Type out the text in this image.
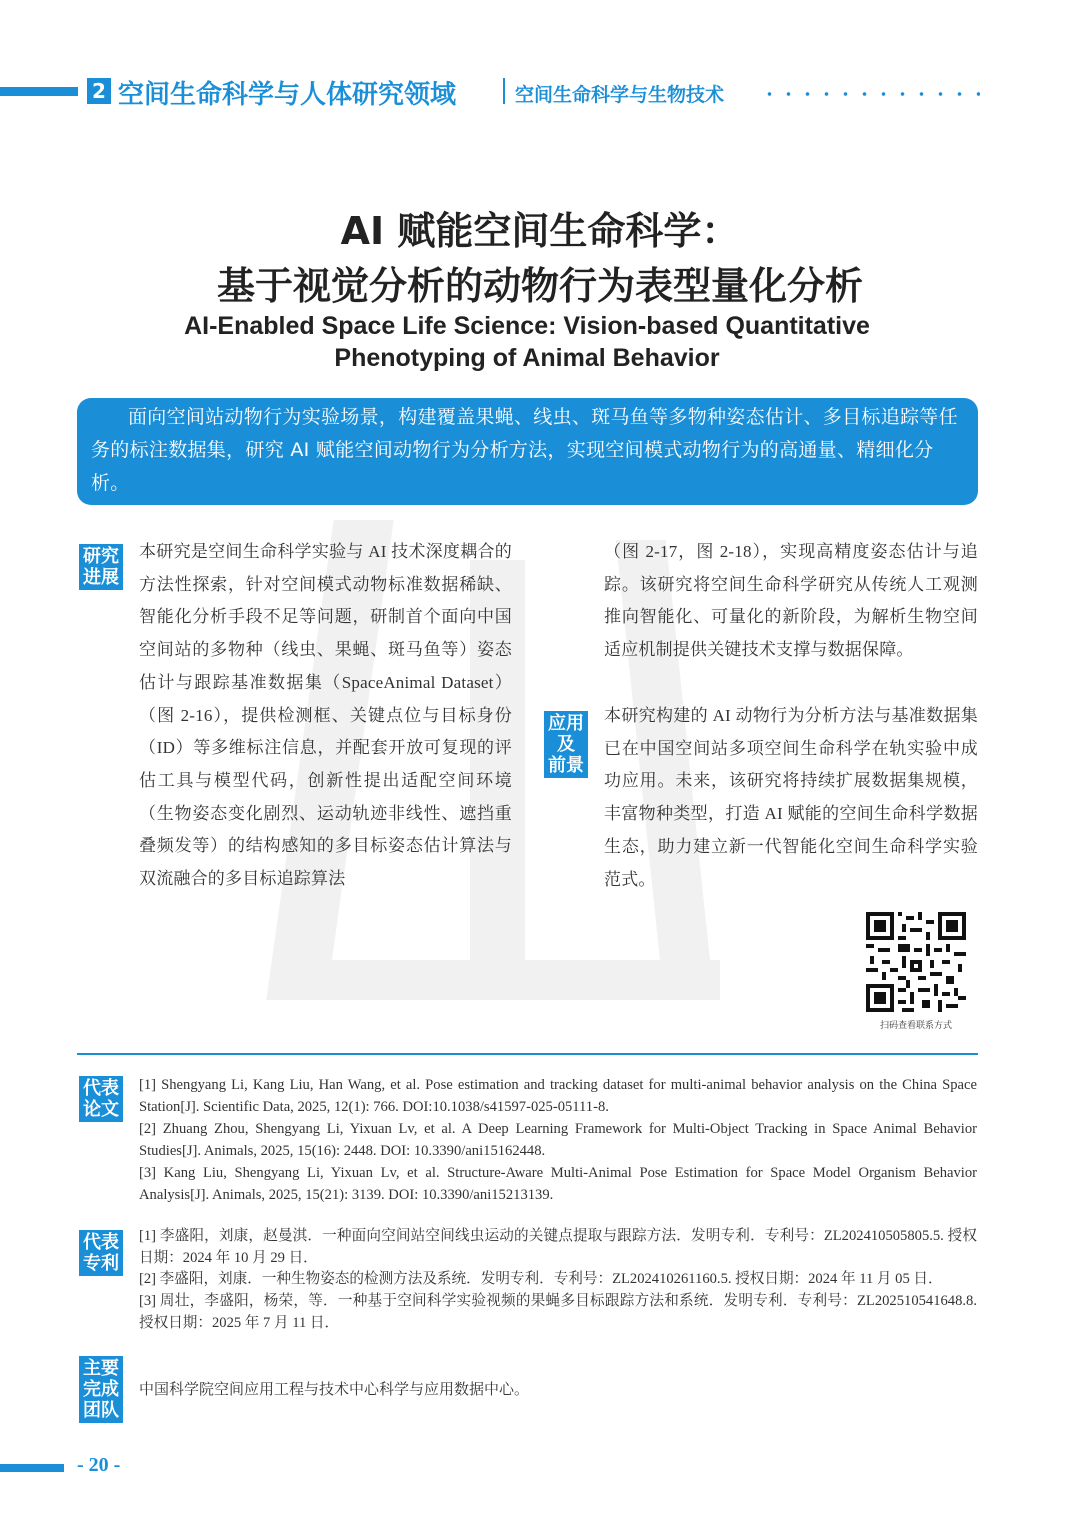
2 空间生命科学与人体研究领域	空间生命科学与生物技术
AI 赋能空间生命科学：
基于视觉分析的动物行为表型量化分析
AI-Enabled Space Life Science: Vision-based Quantitative
Phenotyping of Animal Behavior

面向空间站动物行为实验场景，构建覆盖果蝇、线虫、斑马鱼等多物种姿态估计、多目标追踪等任务的标注数据集，研究 AI 赋能空间动物行为分析方法，实现空间模式动物行为的高通量、精细化分析。

研究
进展

本研究是空间生命科学实验与 AI 技术深度耦合的方法性探索，针对空间模式动物标准数据稀缺、智能化分析手段不足等问题，研制首个面向中国空间站的多物种（线虫、果蝇、斑马鱼等）姿态估计与跟踪基准数据集（SpaceAnimal Dataset）（图 2-16），提供检测框、关键点位与目标身份（ID）等多维标注信息，并配套开放可复现的评估工具与模型代码，创新性提出适配空间环境（生物姿态变化剧烈、运动轨迹非线性、遮挡重叠频发等）的结构感知的多目标姿态估计算法与双流融合的多目标追踪算法

（图 2-17，图 2-18），实现高精度姿态估计与追踪。该研究将空间生命科学研究从传统人工观测推向智能化、可量化的新阶段，为解析生物空间适应机制提供关键技术支撑与数据保障。

应用
及
前景

本研究构建的 AI 动物行为分析方法与基准数据集已在中国空间站多项空间生命科学在轨实验中成功应用。未来，该研究将持续扩展数据集规模，丰富物种类型，打造 AI 赋能的空间生命科学数据生态，助力建立新一代智能化空间生命科学实验范式。

扫码查看联系方式
代表
论文
[1] Shengyang Li, Kang Liu, Han Wang, et al. Pose estimation and tracking dataset for multi-animal behavior analysis on the China Space Station[J]. Scientific Data, 2025, 12(1): 766. DOI:10.1038/s41597-025-05111-8.
[2] Zhuang Zhou, Shengyang Li, Yixuan Lv, et al. A Deep Learning Framework for Multi-Object Tracking in Space Animal Behavior Studies[J]. Animals, 2025, 15(16): 2448. DOI: 10.3390/ani15162448.
[3] Kang Liu, Shengyang Li, Yixuan Lv, et al. Structure-Aware Multi-Animal Pose Estimation for Space Model Organism Behavior Analysis[J]. Animals, 2025, 15(21): 3139. DOI: 10.3390/ani15213139.
代表
专利
[1] 李盛阳，刘康，赵曼淇．一种面向空间站空间线虫运动的关键点提取与跟踪方法．发明专利．专利号：ZL202410505805.5. 授权日期：2024 年 10 月 29 日．
[2] 李盛阳，刘康．一种生物姿态的检测方法及系统．发明专利．专利号：ZL202410261160.5. 授权日期：2024 年 11 月 05 日．
[3] 周壮，李盛阳，杨荣，等．一种基于空间科学实验视频的果蝇多目标跟踪方法和系统．发明专利．专利号：ZL202510541648.8. 授权日期：2025 年 7 月 11 日．
主要
完成
团队
中国科学院空间应用工程与技术中心科学与应用数据中心。
- 20 -
